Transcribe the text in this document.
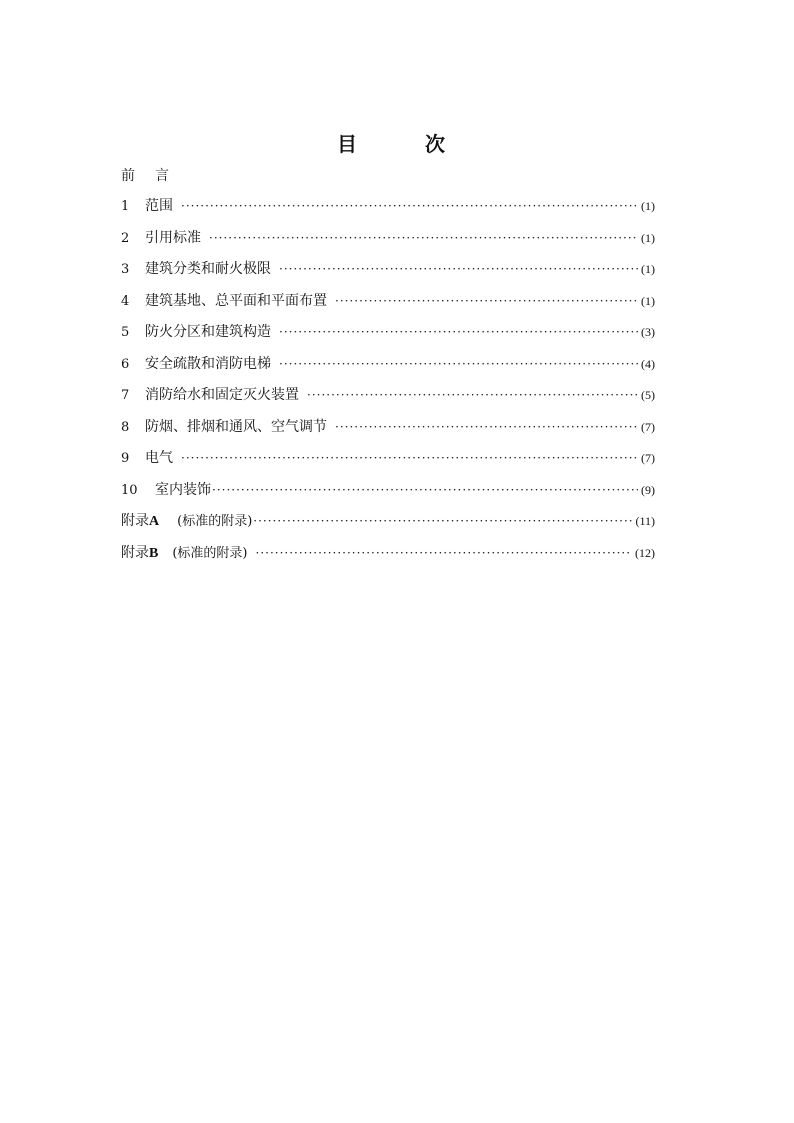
目　次
前言
1	范围 ·····	(1)
2	引用标准 ·····	(1)
3	建筑分类和耐火极限 ·····	(1)
4	建筑基地、总平面和平面布置 ·····	(1)
5	防火分区和建筑构造 ·····	(3)
6	安全疏散和消防电梯 ·····	(4)
7	消防给水和固定灭火装置 ·····	(5)
8	防烟、排烟和通风、空气调节 ·····	(7)
9	电气 ·····	(7)
10	室内装饰 ·····	(9)
附录A (标准的附录) ·····	(11)
附录B (标准的附录) ·····	(12)
